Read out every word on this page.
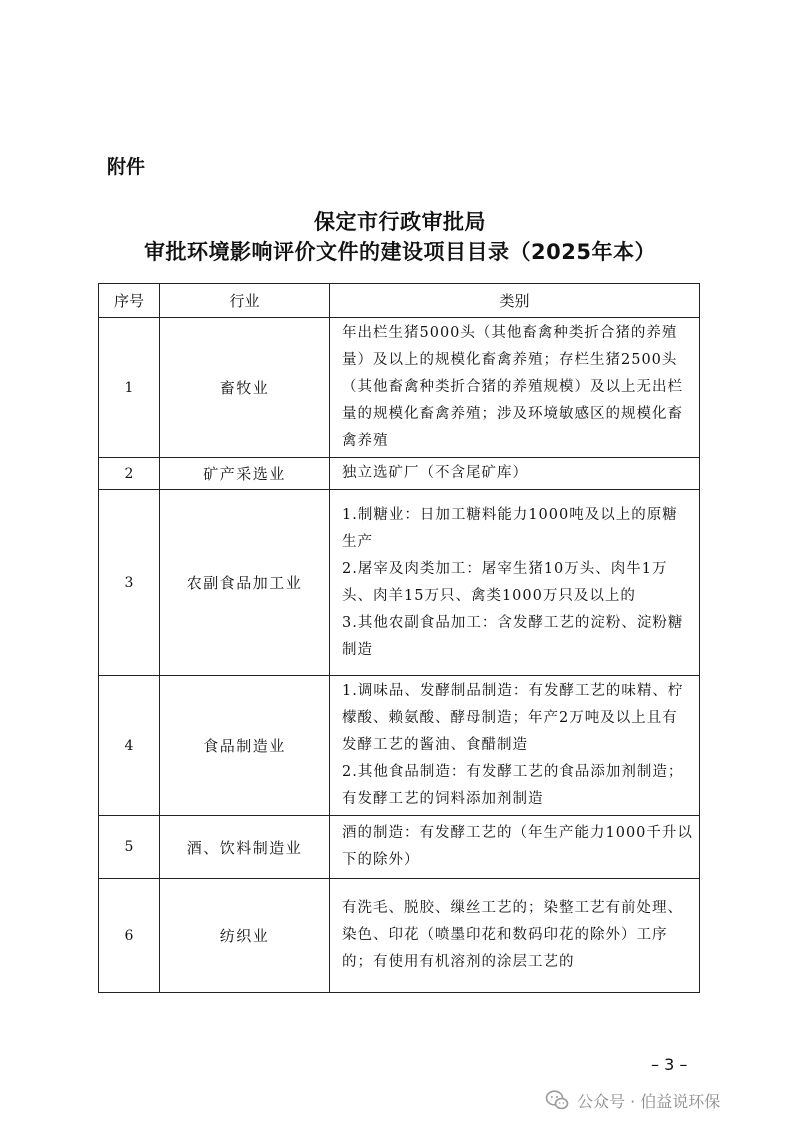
附件
保定市行政审批局
审批环境影响评价文件的建设项目目录（2025年本）
序号	行业	类别
1	畜牧业	年出栏生猪5000头（其他畜禽种类折合猪的养殖量）及以上的规模化畜禽养殖；存栏生猪2500头（其他畜禽种类折合猪的养殖规模）及以上无出栏量的规模化畜禽养殖；涉及环境敏感区的规模化畜禽养殖

2	矿产采选业	独立选矿厂（不含尾矿库）

3	农副食品加工业	1.制糖业：日加工糖料能力1000吨及以上的原糖生产
2.屠宰及肉类加工：屠宰生猪10万头、肉牛1万头、肉羊15万只、禽类1000万只及以上的
3.其他农副食品加工：含发酵工艺的淀粉、淀粉糖制造

4	食品制造业	1.调味品、发酵制品制造：有发酵工艺的味精、柠檬酸、赖氨酸、酵母制造；年产2万吨及以上且有发酵工艺的酱油、食醋制造
2.其他食品制造：有发酵工艺的食品添加剂制造；有发酵工艺的饲料添加剂制造

5	酒、饮料制造业	酒的制造：有发酵工艺的（年生产能力1000千升以下的除外）

6	纺织业	有洗毛、脱胶、缫丝工艺的；染整工艺有前处理、染色、印花（喷墨印花和数码印花的除外）工序的；有使用有机溶剂的涂层工艺的
– 3 –
公众号 · 伯益说环保
